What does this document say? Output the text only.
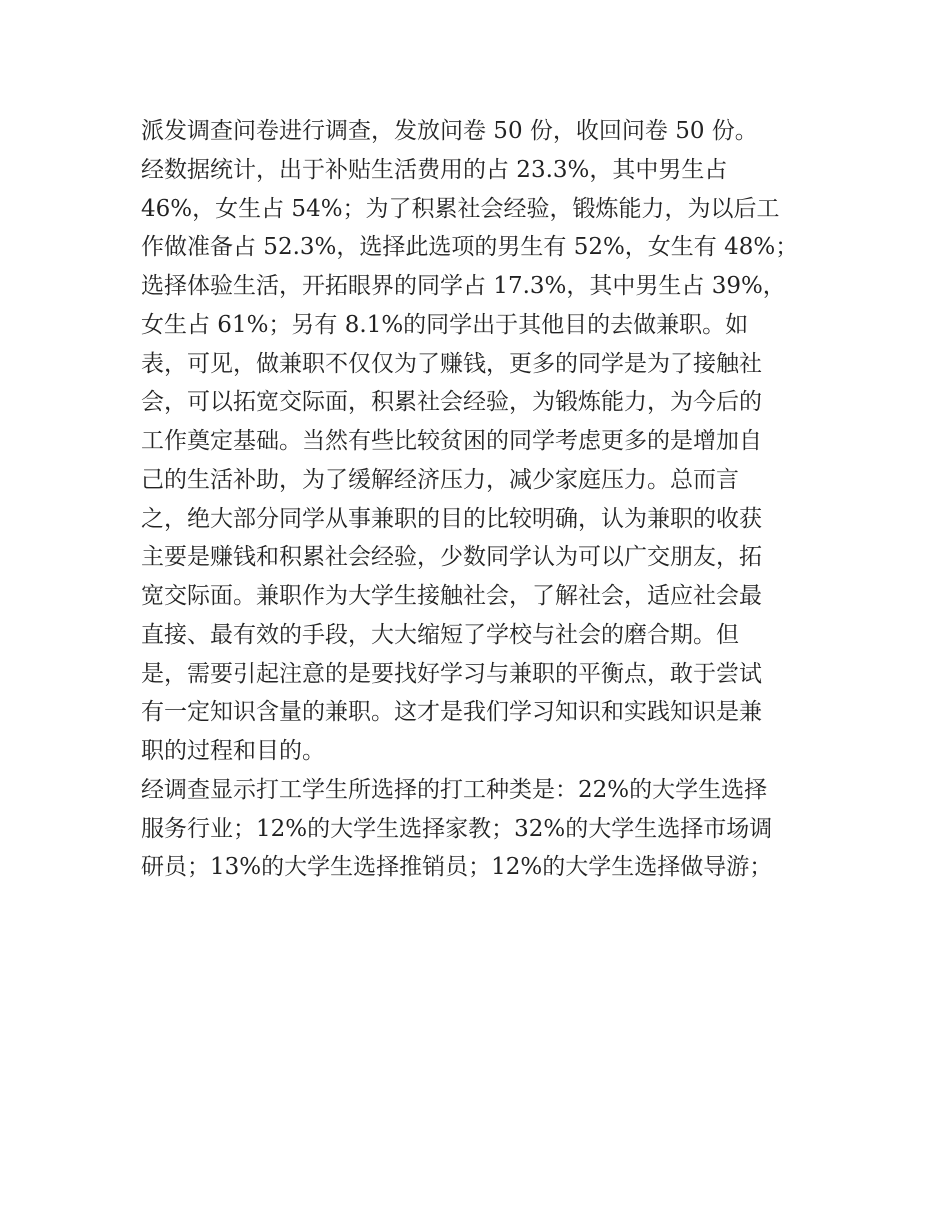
派发调查问卷进行调查，发放问卷 50 份，收回问卷 50 份。
经数据统计，出于补贴生活费用的占 23.3%，其中男生占
46%，女生占 54%；为了积累社会经验，锻炼能力，为以后工
作做准备占 52.3%，选择此选项的男生有 52%，女生有 48%；
选择体验生活，开拓眼界的同学占 17.3%，其中男生占 39%，
女生占 61%；另有 8.1%的同学出于其他目的去做兼职。如
表，可见，做兼职不仅仅为了赚钱，更多的同学是为了接触社
会，可以拓宽交际面，积累社会经验，为锻炼能力，为今后的
工作奠定基础。当然有些比较贫困的同学考虑更多的是增加自
己的生活补助，为了缓解经济压力，减少家庭压力。总而言
之，绝大部分同学从事兼职的目的比较明确，认为兼职的收获
主要是赚钱和积累社会经验，少数同学认为可以广交朋友，拓
宽交际面。兼职作为大学生接触社会，了解社会，适应社会最
直接、最有效的手段，大大缩短了学校与社会的磨合期。但
是，需要引起注意的是要找好学习与兼职的平衡点，敢于尝试
有一定知识含量的兼职。这才是我们学习知识和实践知识是兼
职的过程和目的。
经调查显示打工学生所选择的打工种类是：22%的大学生选择
服务行业；12%的大学生选择家教；32%的大学生选择市场调
研员；13%的大学生选择推销员；12%的大学生选择做导游；
